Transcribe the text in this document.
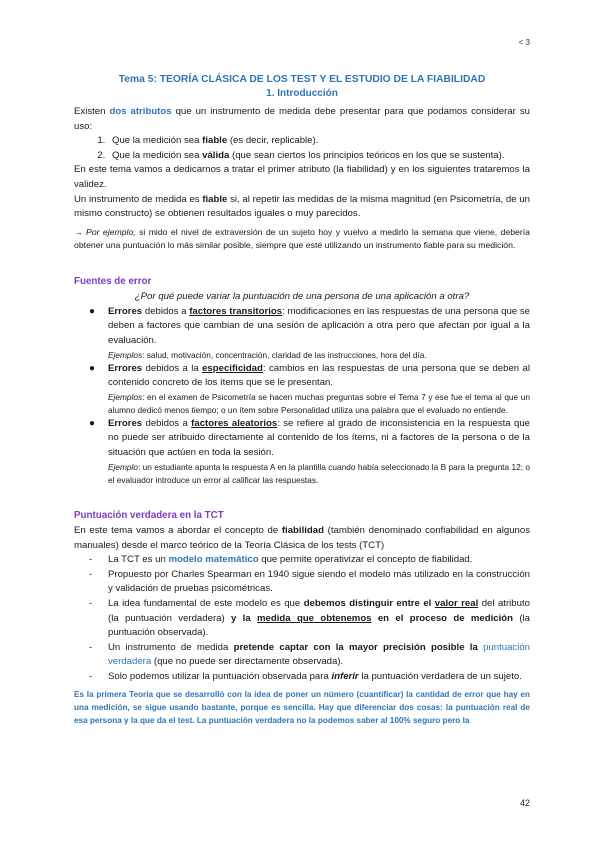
< 3
Tema 5: TEORÍA CLÁSICA DE LOS TEST Y EL ESTUDIO DE LA FIABILIDAD
1. Introducción

Existen dos atributos que un instrumento de medida debe presentar para que podamos considerar su uso:

1. Que la medición sea fiable (es decir, replicable).
2. Que la medición sea válida (que sean ciertos los principios teóricos en los que se sustenta).

En este tema vamos a dedicarnos a tratar el primer atributo (la fiabilidad) y en los siguientes trataremos la validez.

Un instrumento de medida es fiable si, al repetir las medidas de la misma magnitud (en Psicometría, de un mismo constructo) se obtienen resultados iguales o muy parecidos.

→ Por ejemplo, si mido el nivel de extraversión de un sujeto hoy y vuelvo a medirlo la semana que viene, debería obtener una puntuación lo más similar posible, siempre que esté utilizando un instrumento fiable para su medición.

Fuentes de error
¿Por qué puede variar la puntuación de una persona de una aplicación a otra?
● Errores debidos a factores transitorios: modificaciones en las respuestas de una persona que se deben a factores que cambian de una sesión de aplicación a otra pero que afectan por igual a la evaluación.
Ejemplos: salud, motivación, concentración, claridad de las instrucciones, hora del día.
● Errores debidos a la especificidad: cambios en las respuestas de una persona que se deben al contenido concreto de los ítems que se le presentan.
Ejemplos: en el examen de Psicometría se hacen muchas preguntas sobre el Tema 7 y ese fue el tema al que un alumno dedicó menos tiempo; o un ítem sobre Personalidad utiliza una palabra que el evaluado no entiende.
● Errores debidos a factores aleatorios: se refiere al grado de inconsistencia en la respuesta que no puede ser atribuido directamente al contenido de los ítems, ni a factores de la persona o de la situación que actúen en toda la sesión.
Ejemplo: un estudiante apunta la respuesta A en la plantilla cuando había seleccionado la B para la pregunta 12; o el evaluador introduce un error al calificar las respuestas.
Puntuación verdadera en la TCT

En este tema vamos a abordar el concepto de fiabilidad (también denominado confiabilidad en algunos manuales) desde el marco teórico de la Teoría Clásica de los tests (TCT)

- La TCT es un modelo matemático que permite operativizar el concepto de fiabilidad.
- Propuesto por Charles Spearman en 1940 sigue siendo el modelo más utilizado en la construcción y validación de pruebas psicométricas.
- La idea fundamental de este modelo es que debemos distinguir entre el valor real del atributo (la puntuación verdadera) y la medida que obtenemos en el proceso de medición (la puntuación observada).
- Un instrumento de medida pretende captar con la mayor precisión posible la puntuación verdadera (que no puede ser directamente observada).
- Solo podemos utilizar la puntuación observada para inferir la puntuación verdadera de un sujeto.

Es la primera Teoría que se desarrolló con la idea de poner un número (cuantificar) la cantidad de error que hay en una medición, se sigue usando bastante, porque es sencilla. Hay que diferenciar dos cosas: la puntuación real de esa persona y la que da el test. La puntuación verdadera no la podemos saber al 100% seguro pero la

42
